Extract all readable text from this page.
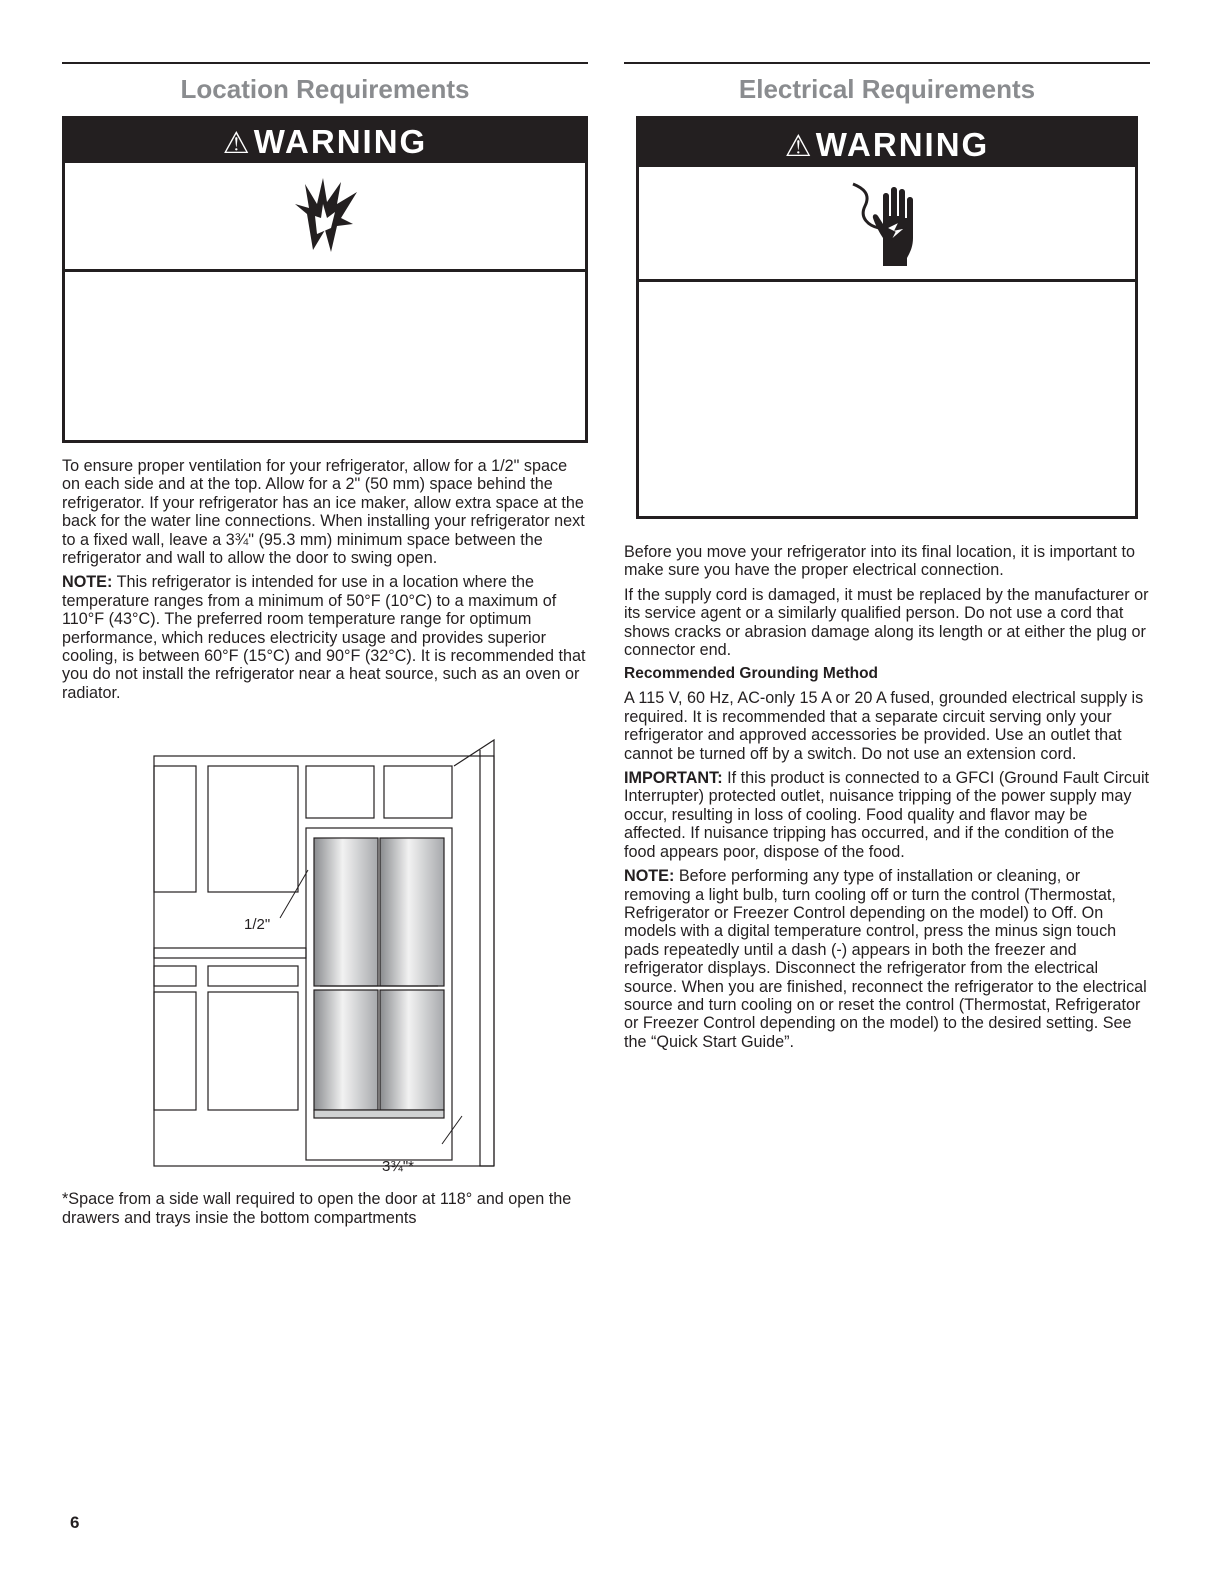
Location Requirements
⚠WARNING

To ensure proper ventilation for your refrigerator, allow for a 1/2" space on each side and at the top. Allow for a 2" (50 mm) space behind the refrigerator. If your refrigerator has an ice maker, allow extra space at the back for the water line connections. When installing your refrigerator next to a fixed wall, leave a 3¾" (95.3 mm) minimum space between the refrigerator and wall to allow the door to swing open.

NOTE: This refrigerator is intended for use in a location where the temperature ranges from a minimum of 50°F (10°C) to a maximum of 110°F (43°C). The preferred room temperature range for optimum performance, which reduces electricity usage and provides superior cooling, is between 60°F (15°C) and 90°F (32°C). It is recommended that you do not install the refrigerator near a heat source, such as an oven or radiator.

1/2"
3¾"*

*Space from a side wall required to open the door at 118° and open the drawers and trays insie the bottom compartments

Electrical Requirements
⚠WARNING

Before you move your refrigerator into its final location, it is important to make sure you have the proper electrical connection.

If the supply cord is damaged, it must be replaced by the manufacturer or its service agent or a similarly qualified person. Do not use a cord that shows cracks or abrasion damage along its length or at either the plug or connector end.

Recommended Grounding Method

A 115 V, 60 Hz, AC-only 15 A or 20 A fused, grounded electrical supply is required. It is recommended that a separate circuit serving only your refrigerator and approved accessories be provided. Use an outlet that cannot be turned off by a switch. Do not use an extension cord.

IMPORTANT: If this product is connected to a GFCI (Ground Fault Circuit Interrupter) protected outlet, nuisance tripping of the power supply may occur, resulting in loss of cooling. Food quality and flavor may be affected. If nuisance tripping has occurred, and if the condition of the food appears poor, dispose of the food.

NOTE: Before performing any type of installation or cleaning, or removing a light bulb, turn cooling off or turn the control (Thermostat, Refrigerator or Freezer Control depending on the model) to Off. On models with a digital temperature control, press the minus sign touch pads repeatedly until a dash (-) appears in both the freezer and refrigerator displays. Disconnect the refrigerator from the electrical source. When you are finished, reconnect the refrigerator to the electrical source and turn cooling on or reset the control (Thermostat, Refrigerator or Freezer Control depending on the model) to the desired setting. See the “Quick Start Guide”.

6
